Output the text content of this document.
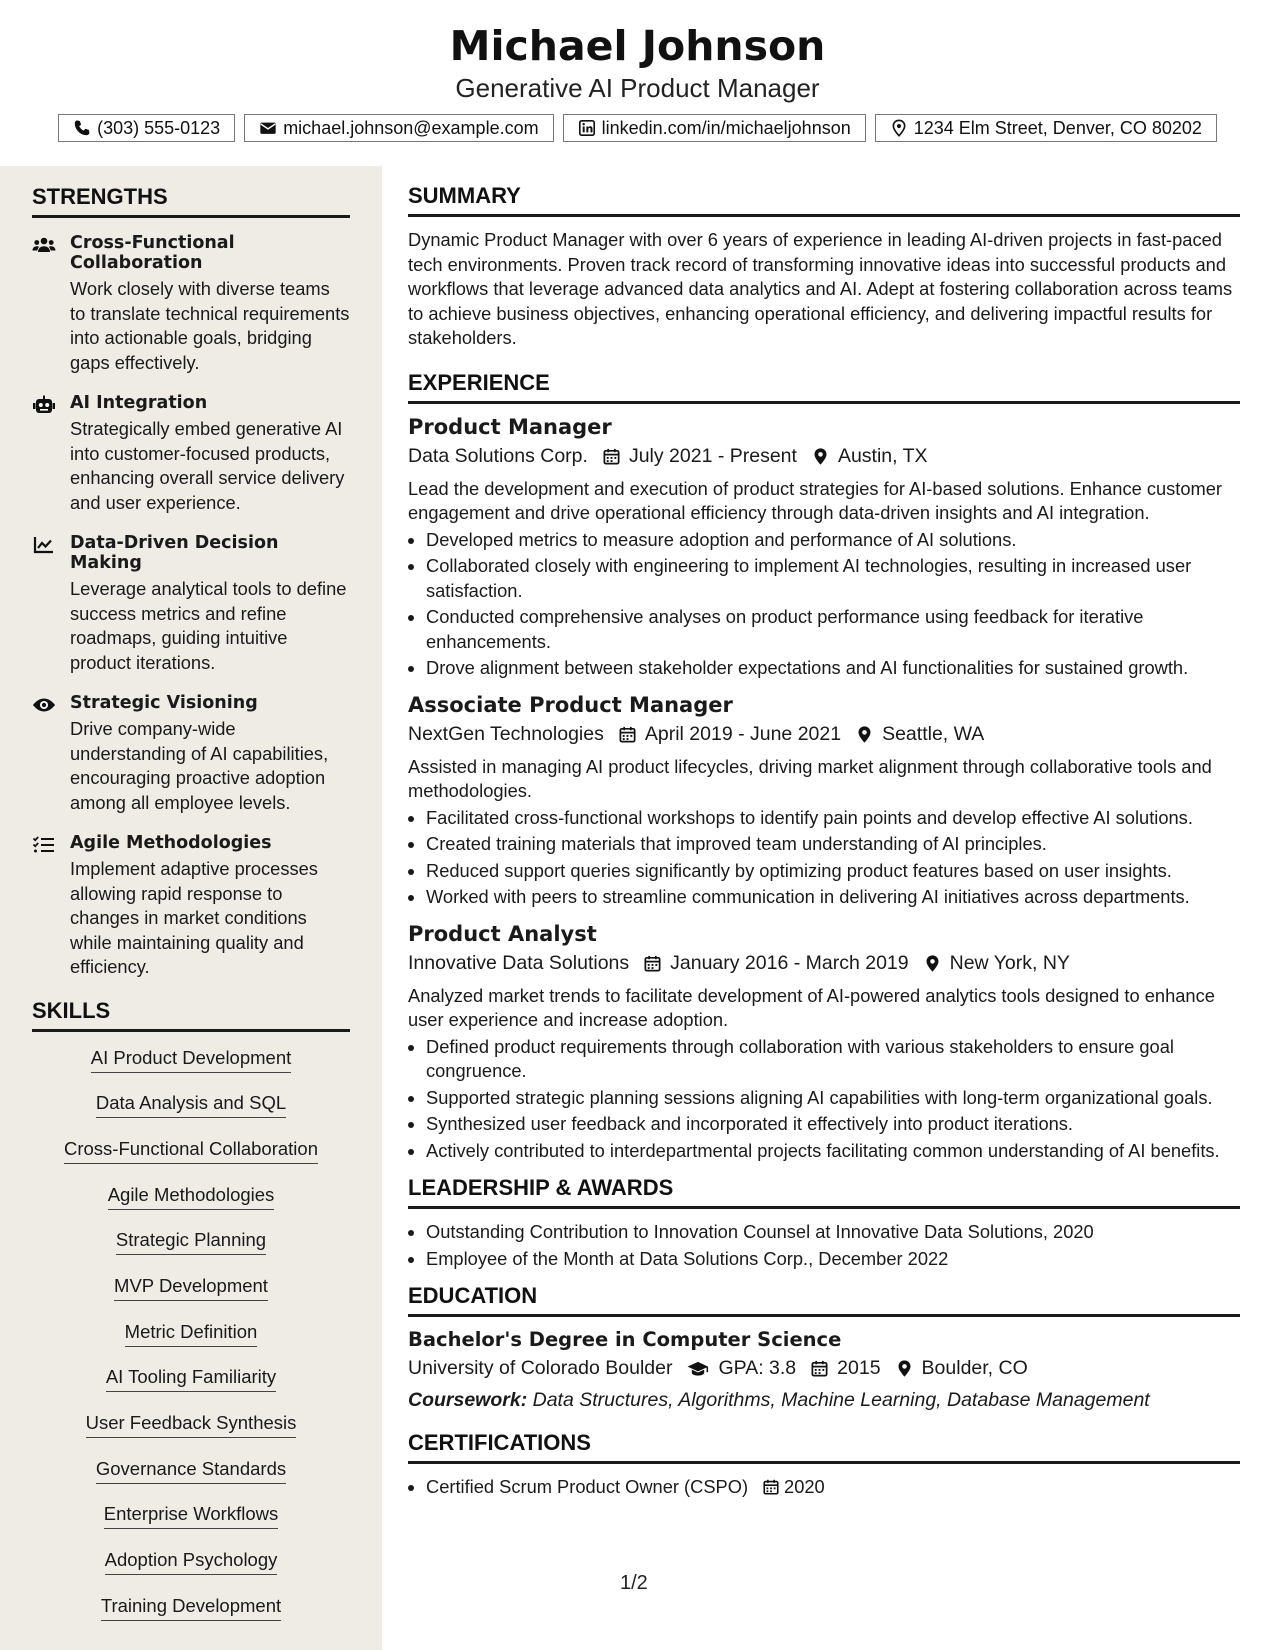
Michael Johnson
Generative AI Product Manager
(303) 555-0123	michael.johnson@example.com	linkedin.com/in/michaeljohnson	1234 Elm Street, Denver, CO 80202
STRENGTHS
Cross-Functional Collaboration
Work closely with diverse teams to translate technical requirements into actionable goals, bridging gaps effectively.
AI Integration
Strategically embed generative AI into customer-focused products, enhancing overall service delivery and user experience.
Data-Driven Decision Making
Leverage analytical tools to define success metrics and refine roadmaps, guiding intuitive product iterations.
Strategic Visioning
Drive company-wide understanding of AI capabilities, encouraging proactive adoption among all employee levels.
Agile Methodologies
Implement adaptive processes allowing rapid response to changes in market conditions while maintaining quality and efficiency.
SKILLS
AI Product Development
Data Analysis and SQL
Cross-Functional Collaboration
Agile Methodologies
Strategic Planning
MVP Development
Metric Definition
AI Tooling Familiarity
User Feedback Synthesis
Governance Standards
Enterprise Workflows
Adoption Psychology
Training Development
SUMMARY
Dynamic Product Manager with over 6 years of experience in leading AI-driven projects in fast-paced tech environments. Proven track record of transforming innovative ideas into successful products and workflows that leverage advanced data analytics and AI. Adept at fostering collaboration across teams to achieve business objectives, enhancing operational efficiency, and delivering impactful results for stakeholders.
EXPERIENCE
Product Manager
Data Solutions Corp. July 2021 - Present Austin, TX
Lead the development and execution of product strategies for AI-based solutions. Enhance customer engagement and drive operational efficiency through data-driven insights and AI integration.
• Developed metrics to measure adoption and performance of AI solutions.
• Collaborated closely with engineering to implement AI technologies, resulting in increased user satisfaction.
• Conducted comprehensive analyses on product performance using feedback for iterative enhancements.
• Drove alignment between stakeholder expectations and AI functionalities for sustained growth.
Associate Product Manager
NextGen Technologies April 2019 - June 2021 Seattle, WA
Assisted in managing AI product lifecycles, driving market alignment through collaborative tools and methodologies.
• Facilitated cross-functional workshops to identify pain points and develop effective AI solutions.
• Created training materials that improved team understanding of AI principles.
• Reduced support queries significantly by optimizing product features based on user insights.
• Worked with peers to streamline communication in delivering AI initiatives across departments.
Product Analyst
Innovative Data Solutions January 2016 - March 2019 New York, NY
Analyzed market trends to facilitate development of AI-powered analytics tools designed to enhance user experience and increase adoption.
• Defined product requirements through collaboration with various stakeholders to ensure goal congruence.
• Supported strategic planning sessions aligning AI capabilities with long-term organizational goals.
• Synthesized user feedback and incorporated it effectively into product iterations.
• Actively contributed to interdepartmental projects facilitating common understanding of AI benefits.
LEADERSHIP & AWARDS
• Outstanding Contribution to Innovation Counsel at Innovative Data Solutions, 2020
• Employee of the Month at Data Solutions Corp., December 2022
EDUCATION
Bachelor's Degree in Computer Science
University of Colorado Boulder GPA: 3.8 2015 Boulder, CO
Coursework: Data Structures, Algorithms, Machine Learning, Database Management
CERTIFICATIONS
• Certified Scrum Product Owner (CSPO) 2020
1/2
